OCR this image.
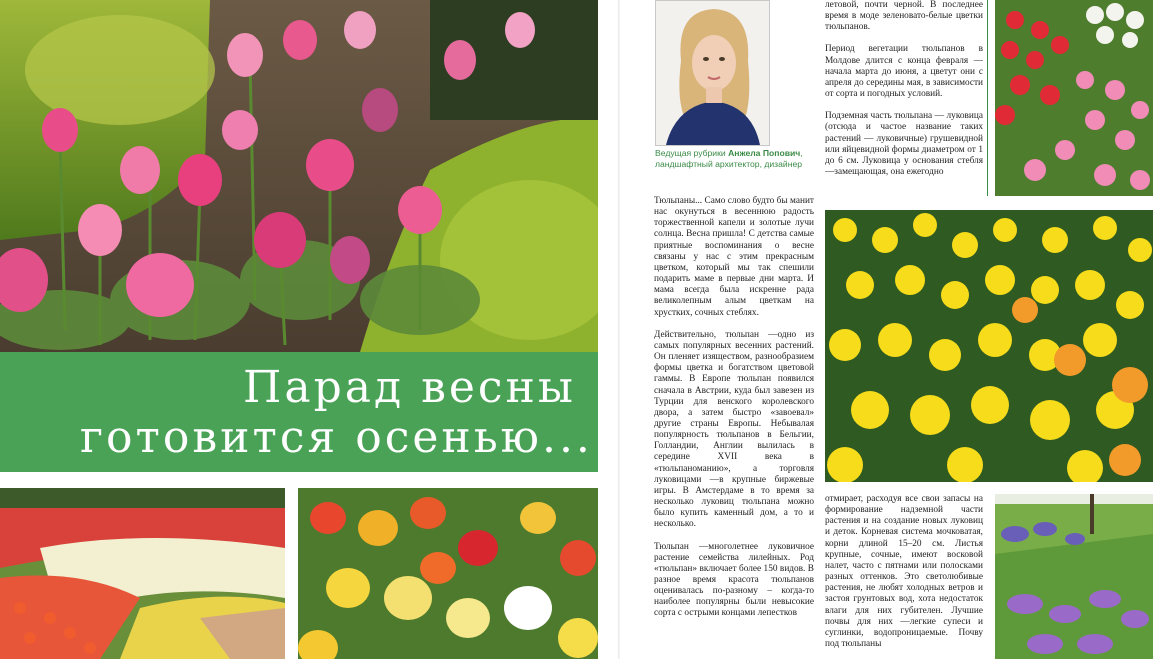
Парад весны
готовится осенью...
Ведущая рубрики Анжела Попович, ландшафтный архитектор, дизайнер

Тюльпаны... Само слово будто бы манит нас окунуться в весеннюю радость торжественной капели и золотые лучи солнца. Весна пришла! С детства самые приятные воспоминания о весне связаны у нас с этим прекрасным цветком, который мы так спешили подарить маме в первые дни марта. И мама всегда была искренне рада великолепным алым цветкам на хрустких, сочных стеблях.

Действительно, тюльпан —одно из самых популярных весенних растений. Он пленяет изяществом, разнообразием формы цветка и богатством цветовой гаммы. В Европе тюльпан появился сначала в Австрии, куда был завезен из Турции для венского королевского двора, а затем быстро «завоевал» другие страны Европы. Небывалая популярность тюльпанов в Бельгии, Голландии, Англии вылилась в середине XVII века в «тюльпаноманию», а торговля луковицами —в крупные биржевые игры. В Амстердаме в то время за несколько луковиц тюльпана можно было купить каменный дом, а то и несколько.

Тюльпан —многолетнее луковичное растение семейства лилейных. Род «тюльпан» включает более 150 видов. В разное время красота тюльпанов оценивалась по-разному – когда-то наиболее популярны были невысокие сорта с острыми концами лепестков

летовой, почти черной. В последнее время в моде зеленовато-белые цветки тюльпанов.

Период вегетации тюльпанов в Молдове длится с конца февраля —начала марта до июня, а цветут они с апреля до середины мая, в зависимости от сорта и погодных условий.

Подземная часть тюльпана — луковица (отсюда и частое название таких растений — луковичные) грушевидной или яйцевидной формы диаметром от 1 до 6 см. Луковица у основания стебля —замещающая, она ежегодно

отмирает, расходуя все свои запасы на формирование надземной части растения и на создание новых луковиц и деток. Корневая система мочковатая, корни длиной 15–20 см. Листья крупные, сочные, имеют восковой налет, часто с пятнами или полосками разных оттенков. Это светолюбивые растения, не любят холодных ветров и застоя грунтовых вод, хота недостаток влаги для них губителен. Лучшие почвы для них —легкие супеси и суглинки, водопроницаемые. Почву под тюльпаны
